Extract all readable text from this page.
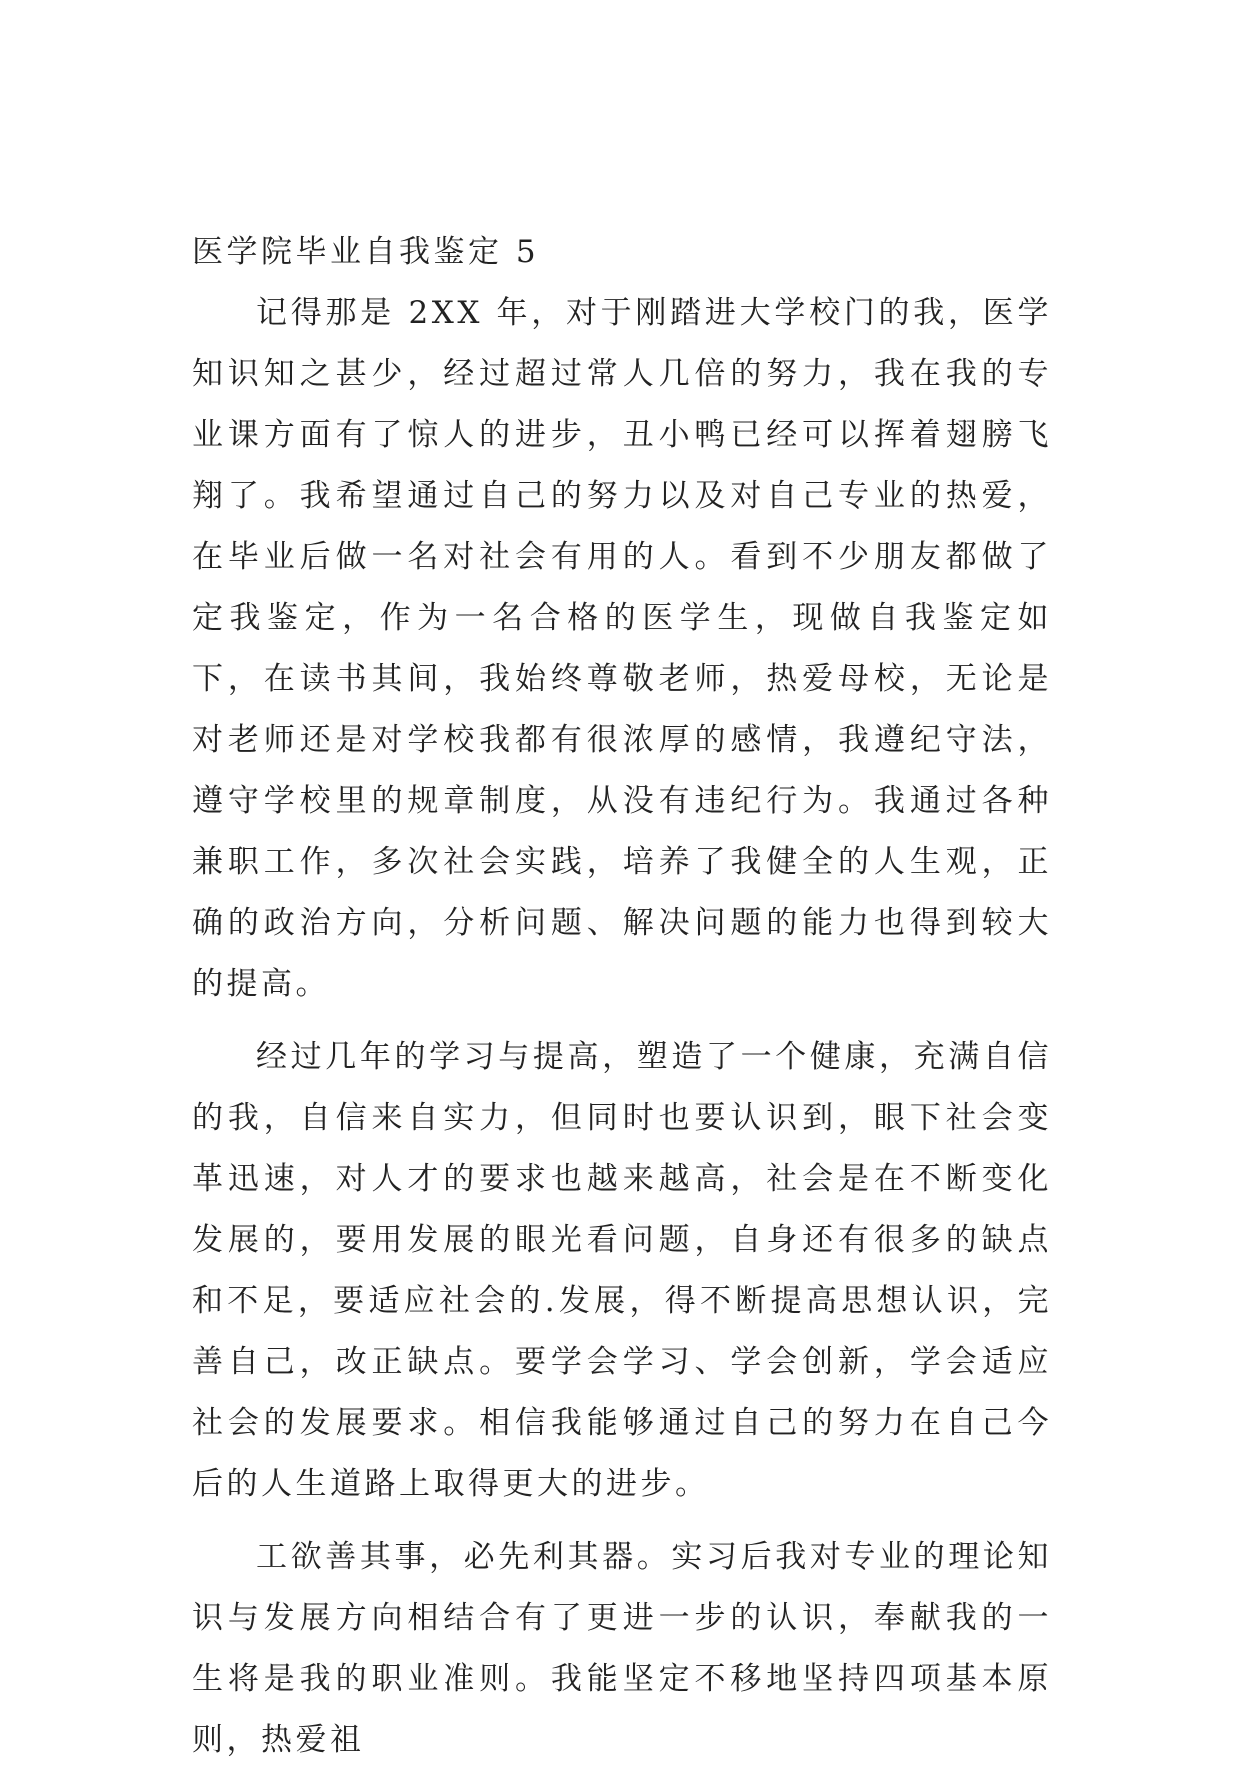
医学院毕业自我鉴定 5

记得那是 2XX 年，对于刚踏进大学校门的我，医学知识知之甚少，经过超过常人几倍的努力，我在我的专业课方面有了惊人的进步，丑小鸭已经可以挥着翅膀飞翔了。我希望通过自己的努力以及对自己专业的热爱，在毕业后做一名对社会有用的人。看到不少朋友都做了定我鉴定，作为一名合格的医学生，现做自我鉴定如下，在读书其间，我始终尊敬老师，热爱母校，无论是对老师还是对学校我都有很浓厚的感情，我遵纪守法，遵守学校里的规章制度，从没有违纪行为。我通过各种兼职工作，多次社会实践，培养了我健全的人生观，正确的政治方向，分析问题、解决问题的能力也得到较大的提高。

经过几年的学习与提高，塑造了一个健康，充满自信的我，自信来自实力，但同时也要认识到，眼下社会变革迅速，对人才的要求也越来越高，社会是在不断变化发展的，要用发展的眼光看问题，自身还有很多的缺点和不足，要适应社会的.发展，得不断提高思想认识，完善自己，改正缺点。要学会学习、学会创新，学会适应社会的发展要求。相信我能够通过自己的努力在自己今后的人生道路上取得更大的进步。

工欲善其事，必先利其器。实习后我对专业的理论知识与发展方向相结合有了更进一步的认识，奉献我的一生将是我的职业准则。我能坚定不移地坚持四项基本原则，热爱祖
